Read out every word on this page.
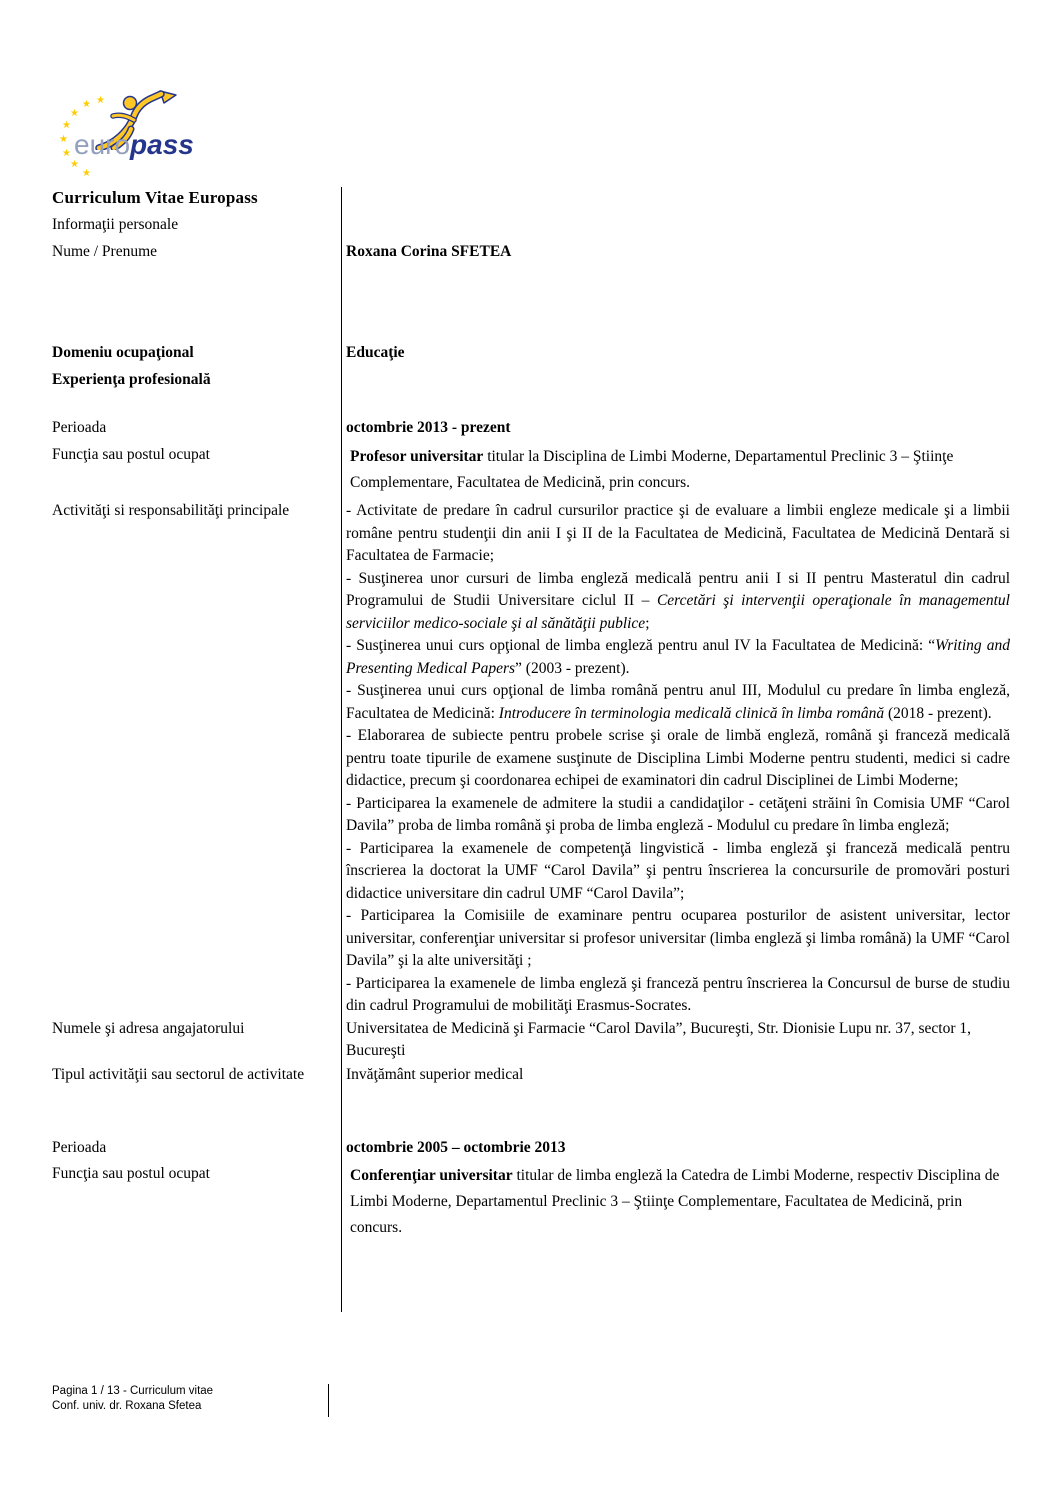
★
★
★
★
★
★
★
★
europass
Curriculum Vitae Europass
Informaţii personale
Nume / Prenume	Roxana Corina SFETEA
Domeniu ocupaţional	Educaţie
Experienţa profesională
Perioada	octombrie 2013 - prezent
Funcţia sau postul ocupat	Profesor universitar titular la Disciplina de Limbi Moderne, Departamentul Preclinic 3 – Ştiinţe Complementare, Facultatea de Medicină, prin concurs.

Activităţi si responsabilităţi principale	- Activitate de predare în cadrul cursurilor practice şi de evaluare a limbii engleze medicale şi a limbii române pentru studenţii din anii I şi II de la Facultatea de Medicină, Facultatea de Medicină Dentară si Facultatea de Farmacie;

- Susţinerea unor cursuri de limba engleză medicală pentru anii I si II pentru Masteratul din cadrul Programului de Studii Universitare ciclul II – Cercetări şi intervenţii operaţionale în managementul serviciilor medico-sociale şi al sănătăţii publice;

- Susţinerea unui curs opţional de limba engleză pentru anul IV la Facultatea de Medicină: “Writing and Presenting Medical Papers” (2003 - prezent).

- Susţinerea unui curs opţional de limba română pentru anul III, Modulul cu predare în limba engleză, Facultatea de Medicină: Introducere în terminologia medicală clinică în limba română (2018 - prezent).

- Elaborarea de subiecte pentru probele scrise şi orale de limbă engleză, română şi franceză medicală pentru toate tipurile de examene susţinute de Disciplina Limbi Moderne pentru studenti, medici si cadre didactice, precum şi coordonarea echipei de examinatori din cadrul Disciplinei de Limbi Moderne;

- Participarea la examenele de admitere la studii a candidaţilor - cetăţeni străini în Comisia UMF “Carol Davila” proba de limba română şi proba de limba engleză - Modulul cu predare în limba engleză;

- Participarea la examenele de competenţă lingvistică - limba engleză şi franceză medicală pentru înscrierea la doctorat la UMF “Carol Davila” şi pentru înscrierea la concursurile de promovări posturi didactice universitare din cadrul UMF “Carol Davila”;

- Participarea la Comisiile de examinare pentru ocuparea posturilor de asistent universitar, lector universitar, conferenţiar universitar si profesor universitar (limba engleză şi limba română) la UMF “Carol Davila” şi la alte universităţi ;

- Participarea la examenele de limba engleză şi franceză pentru înscrierea la Concursul de burse de studiu din cadrul Programului de mobilităţi Erasmus-Socrates.

Numele şi adresa angajatorului	Universitatea de Medicină şi Farmacie “Carol Davila”, Bucureşti, Str. Dionisie Lupu nr. 37, sector 1, Bucureşti

Tipul activităţii sau sectorul de activitate	Invăţământ superior medical
Perioada	octombrie 2005 – octombrie 2013
Funcţia sau postul ocupat	Conferenţiar universitar titular de limba engleză la Catedra de Limbi Moderne, respectiv Disciplina de Limbi Moderne, Departamentul Preclinic 3 – Ştiinţe Complementare, Facultatea de Medicină, prin concurs.

Pagina 1 / 13 - Curriculum vitae
Conf. univ. dr. Roxana Sfetea
